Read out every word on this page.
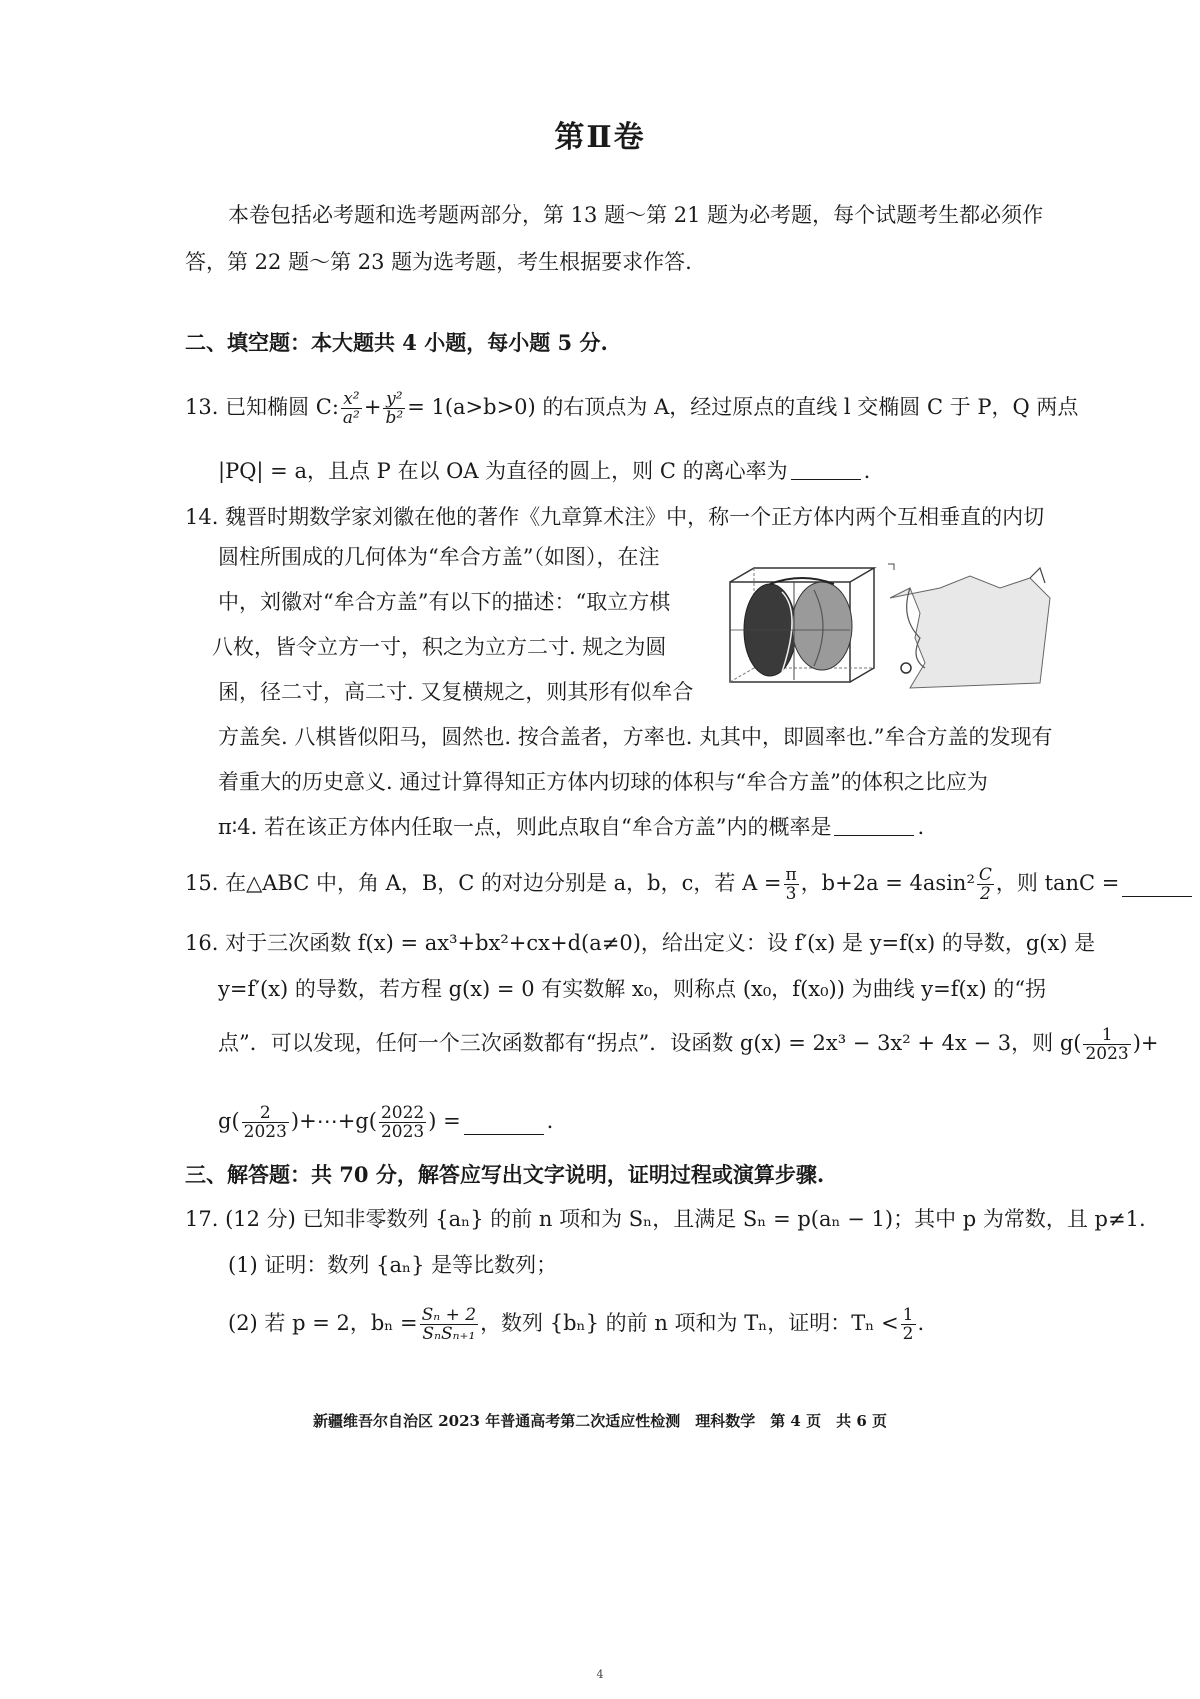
第Ⅱ卷
本卷包括必考题和选考题两部分，第 13 题～第 21 题为必考题，每个试题考生都必须作
答，第 22 题～第 23 题为选考题，考生根据要求作答.
二、填空题：本大题共 4 小题，每小题 5 分.
13. 已知椭圆 C: $\frac{\text{x²}}{\text{a²}} + \frac{\text{y²}}{\text{b²}} = 1(a>b>0)$ 的右顶点为 A，经过原点的直线 l 交椭圆 C 于 P，Q 两点
|PQ| = a，且点 P 在以 OA 为直径的圆上，则 C 的离心率为	.
14. 魏晋时期数学家刘徽在他的著作《九章算术注》中，称一个正方体内两个互相垂直的内切
圆柱所围成的几何体为“牟合方盖”（如图），在注
中，刘徽对“牟合方盖”有以下的描述：“取立方棋
八枚，皆令立方一寸，积之为立方二寸. 规之为圆
囷，径二寸，高二寸. 又复横规之，则其形有似牟合
方盖矣. 八棋皆似阳马，圆然也. 按合盖者，方率也. 丸其中，即圆率也.”牟合方盖的发现有
着重大的历史意义. 通过计算得知正方体内切球的体积与“牟合方盖”的体积之比应为
π∶4. 若在该正方体内任取一点，则此点取自“牟合方盖”内的概率是	.
15. 在△ABC 中，角 A，B，C 的对边分别是 a，b，c，若 $A = \frac{\pi}{3}$ ，$b+2a = 4asin^2 \frac{C}{2}$ ，则 tanC =
16. 对于三次函数 f(x) = ax³+bx²+cx+d(a≠0)，给出定义：设 f′(x) 是 y=f(x) 的导数，g(x) 是
y=f′(x) 的导数，若方程 g(x) = 0 有实数解 x₀，则称点 (x₀，f(x₀)) 为曲线 y=f(x) 的“拐
点”．可以发现，任何一个三次函数都有“拐点”．设函数 g(x) = 2x³ − 3x² + 4x − 3，则 $g( \frac{1}{2023}$ )+
$g( \frac{2}{2023}$ )+⋯+g( $\frac{2022}{2023}$ ) =	.
三、解答题：共 70 分，解答应写出文字说明，证明过程或演算步骤.
17. (12 分) 已知非零数列 {aₙ} 的前 n 项和为 Sₙ，且满足 Sₙ = p(aₙ − 1)；其中 p 为常数，且 p≠1.
(1) 证明：数列 {aₙ} 是等比数列；
(2) 若 p = 2，$b_n = \frac{\text{Sₙ + 2}}{\text{SₙSₙ₊₁}}$ ，数列 {bₙ} 的前 n 项和为 Tₙ，证明：$T_n < \frac{1}{2}$ .
新疆维吾尔自治区 2023 年普通高考第二次适应性检测　理科数学　第 4 页　共 6 页
4
